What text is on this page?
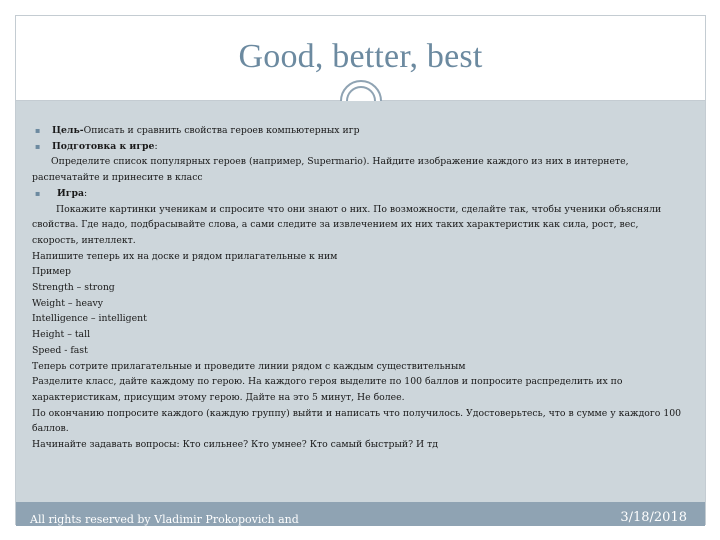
Good, better, best
▪ Цель-Описать и сравнить свойства героев компьютерных игр
▪ Подготовка к игре:
Определите список популярных героев (например, Supermario). Найдите изображение каждого из них в интернете, распечатайте и принесите в класс
▪ Игра:
Покажите картинки ученикам и спросите что они знают о них. По возможности, сделайте так, чтобы ученики объясняли свойства. Где надо, подбрасывайте слова, а сами следите за извлечением их них таких характеристик как сила, рост, вес, скорость, интеллект.
Напишите теперь их на доске и рядом прилагательные к ним
Пример
Strength – strong
Weight – heavy
Intelligence – intelligent
Height – tall
Speed - fast
Теперь сотрите прилагательные и проведите линии рядом с каждым существительным
Разделите класс, дайте каждому по герою. На каждого героя выделите по 100 баллов и попросите распределить их по характеристикам, присущим этому герою. Дайте на это 5 минут, Не более.
По окончанию попросите каждого (каждую группу) выйти и написать что получилось. Удостоверьтесь, что в сумме у каждого 100 баллов.
Начинайте задавать вопросы: Кто сильнее? Кто умнее? Кто самый быстрый? И тд
All rights reserved by Vladimir Prokopovich and	3/18/2018
